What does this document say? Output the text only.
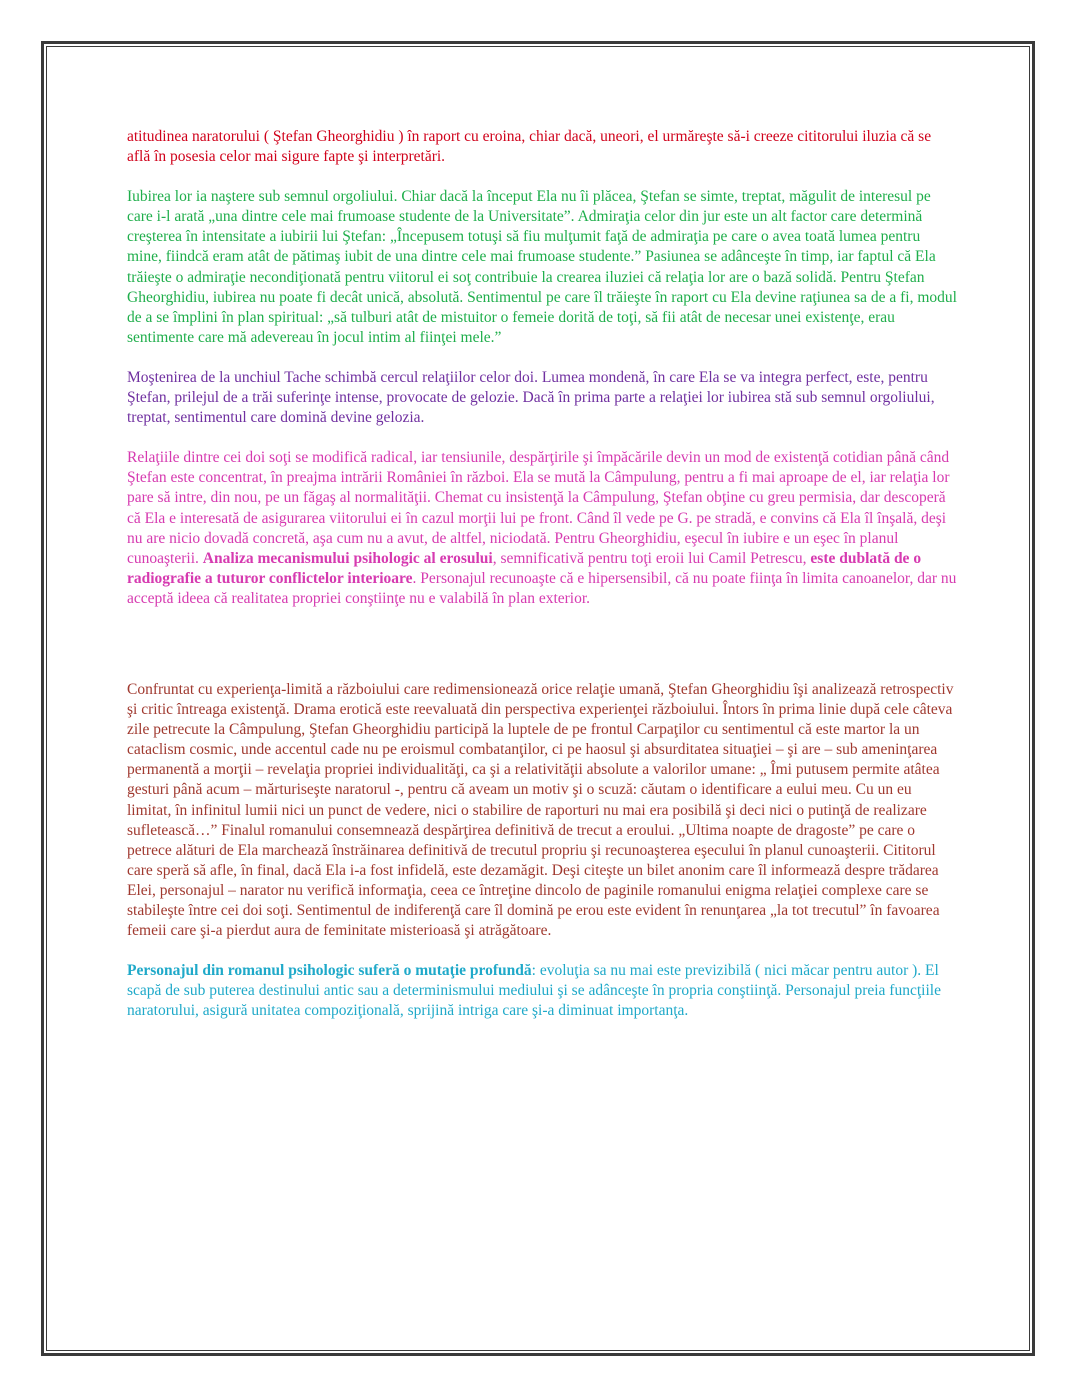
atitudinea naratorului ( Ştefan Gheorghidiu ) în raport cu eroina, chiar dacă, uneori, el urmăreşte să-i creeze cititorului iluzia că se află în posesia celor mai sigure fapte şi interpretări.

Iubirea lor ia naştere sub semnul orgoliului. Chiar dacă la început Ela nu îi plăcea, Ştefan se simte, treptat, măgulit de interesul pe care i-l arată „una dintre cele mai frumoase studente de la Universitate”. Admiraţia celor din jur este un alt factor care determină creşterea în intensitate a iubirii lui Ştefan: „Începusem totuşi să fiu mulţumit faţă de admiraţia pe care o avea toată lumea pentru mine, fiindcă eram atât de pătimaş iubit de una dintre cele mai frumoase studente.” Pasiunea se adânceşte în timp, iar faptul că Ela trăieşte o admiraţie necondiţionată pentru viitorul ei soţ contribuie la crearea iluziei că relaţia lor are o bază solidă. Pentru Ştefan Gheorghidiu, iubirea nu poate fi decât unică, absolută. Sentimentul pe care îl trăieşte în raport cu Ela devine raţiunea sa de a fi, modul de a se împlini în plan spiritual: „să tulburi atât de mistuitor o femeie dorită de toţi, să fii atât de necesar unei existenţe, erau sentimente care mă adevereau în jocul intim al fiinţei mele.”

Moştenirea de la unchiul Tache schimbă cercul relaţiilor celor doi. Lumea mondenă, în care Ela se va integra perfect, este, pentru Ştefan, prilejul de a trăi suferinţe intense, provocate de gelozie. Dacă în prima parte a relaţiei lor iubirea stă sub semnul orgoliului, treptat, sentimentul care domină devine gelozia.

Relaţiile dintre cei doi soţi se modifică radical, iar tensiunile, despărţirile şi împăcările devin un mod de existenţă cotidian până când Ştefan este concentrat, în preajma intrării României în război. Ela se mută la Câmpulung, pentru a fi mai aproape de el, iar relaţia lor pare să intre, din nou, pe un făgaş al normalităţii. Chemat cu insistenţă la Câmpulung, Ştefan obţine cu greu permisia, dar descoperă că Ela e interesată de asigurarea viitorului ei în cazul morţii lui pe front. Când îl vede pe G. pe stradă, e convins că Ela îl înşală, deşi nu are nicio dovadă concretă, aşa cum nu a avut, de altfel, niciodată. Pentru Gheorghidiu, eşecul în iubire e un eşec în planul cunoaşterii. Analiza mecanismului psihologic al erosului, semnificativă pentru toţi eroii lui Camil Petrescu, este dublată de o radiografie a tuturor conflictelor interioare. Personajul recunoaşte că e hipersensibil, că nu poate fiinţa în limita canoanelor, dar nu acceptă ideea că realitatea propriei conştiinţe nu e valabilă în plan exterior.

Confruntat cu experienţa-limită a războiului care redimensionează orice relaţie umană, Ştefan Gheorghidiu îşi analizează retrospectiv şi critic întreaga existenţă. Drama erotică este reevaluată din perspectiva experienţei războiului. Întors în prima linie după cele câteva zile petrecute la Câmpulung, Ştefan Gheorghidiu participă la luptele de pe frontul Carpaţilor cu sentimentul că este martor la un cataclism cosmic, unde accentul cade nu pe eroismul combatanţilor, ci pe haosul şi absurditatea situaţiei – şi are – sub ameninţarea permanentă a morţii – revelaţia propriei individualităţi, ca şi a relativităţii absolute a valorilor umane: „ Îmi putusem permite atâtea gesturi până acum – mărturiseşte naratorul -, pentru că aveam un motiv şi o scuză: căutam o identificare a eului meu. Cu un eu limitat, în infinitul lumii nici un punct de vedere, nici o stabilire de raporturi nu mai era posibilă şi deci nici o putinţă de realizare sufletească…” Finalul romanului consemnează despărţirea definitivă de trecut a eroului. „Ultima noapte de dragoste” pe care o petrece alături de Ela marchează înstrăinarea definitivă de trecutul propriu şi recunoaşterea eşecului în planul cunoaşterii. Cititorul care speră să afle, în final, dacă Ela i-a fost infidelă, este dezamăgit. Deşi citeşte un bilet anonim care îl informează despre trădarea Elei, personajul – narator nu verifică informaţia, ceea ce întreţine dincolo de paginile romanului enigma relaţiei complexe care se stabileşte între cei doi soţi. Sentimentul de indiferenţă care îl domină pe erou este evident în renunţarea „la tot trecutul” în favoarea femeii care şi-a pierdut aura de feminitate misterioasă şi atrăgătoare.

Personajul din romanul psihologic suferă o mutaţie profundă: evoluţia sa nu mai este previzibilă ( nici măcar pentru autor ). El scapă de sub puterea destinului antic sau a determinismului mediului şi se adânceşte în propria conştiinţă. Personajul preia funcţiile naratorului, asigură unitatea compoziţională, sprijină intriga care şi-a diminuat importanţa.
